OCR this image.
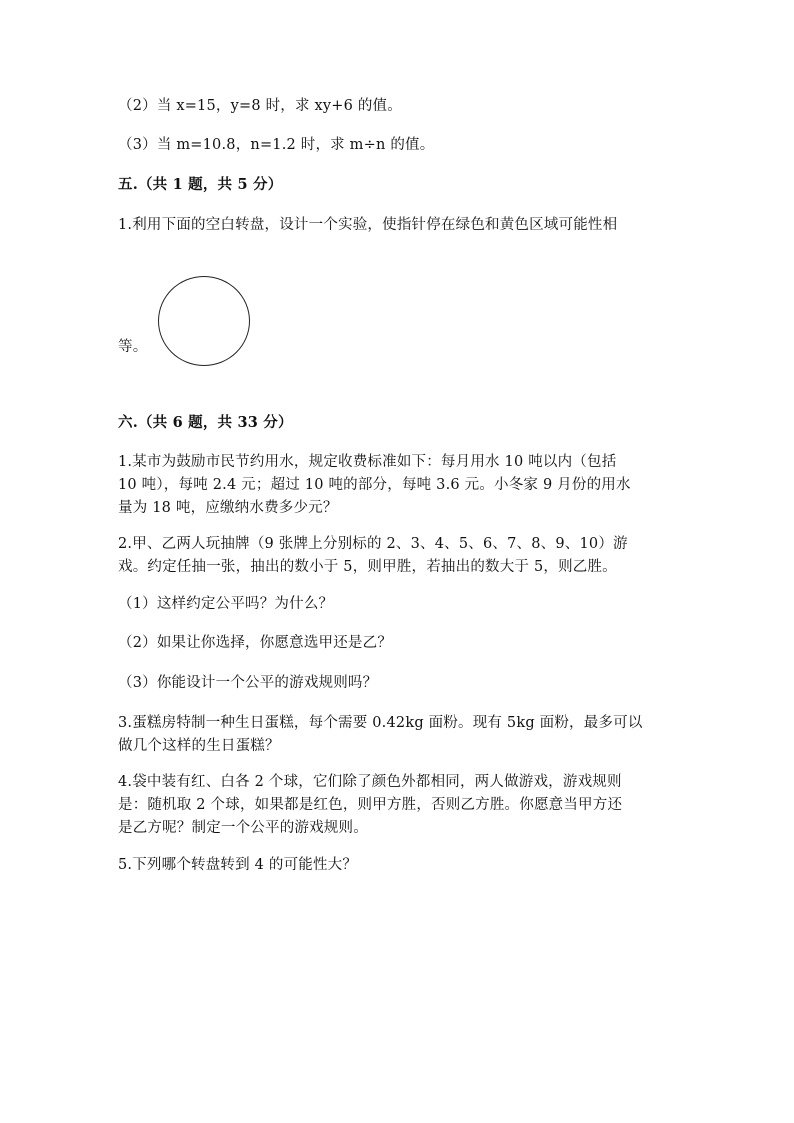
（2）当 x=15，y=8 时，求 xy+6 的值。
（3）当 m=10.8，n=1.2 时，求 m÷n 的值。
五.（共 1 题，共 5 分）
1.利用下面的空白转盘，设计一个实验，使指针停在绿色和黄色区域可能性相
等。
六.（共 6 题，共 33 分）
1.某市为鼓励市民节约用水，规定收费标准如下：每月用水 10 吨以内（包括
10 吨），每吨 2.4 元；超过 10 吨的部分，每吨 3.6 元。小冬家 9 月份的用水
量为 18 吨，应缴纳水费多少元？
2.甲、乙两人玩抽牌（9 张牌上分别标的 2、3、4、5、6、7、8、9、10）游
戏。约定任抽一张，抽出的数小于 5，则甲胜，若抽出的数大于 5，则乙胜。
（1）这样约定公平吗？为什么？
（2）如果让你选择，你愿意选甲还是乙？
（3）你能设计一个公平的游戏规则吗？
3.蛋糕房特制一种生日蛋糕，每个需要 0.42kg 面粉。现有 5kg 面粉，最多可以
做几个这样的生日蛋糕？
4.袋中装有红、白各 2 个球，它们除了颜色外都相同，两人做游戏，游戏规则
是：随机取 2 个球，如果都是红色，则甲方胜，否则乙方胜。你愿意当甲方还
是乙方呢？制定一个公平的游戏规则。
5.下列哪个转盘转到 4 的可能性大？
